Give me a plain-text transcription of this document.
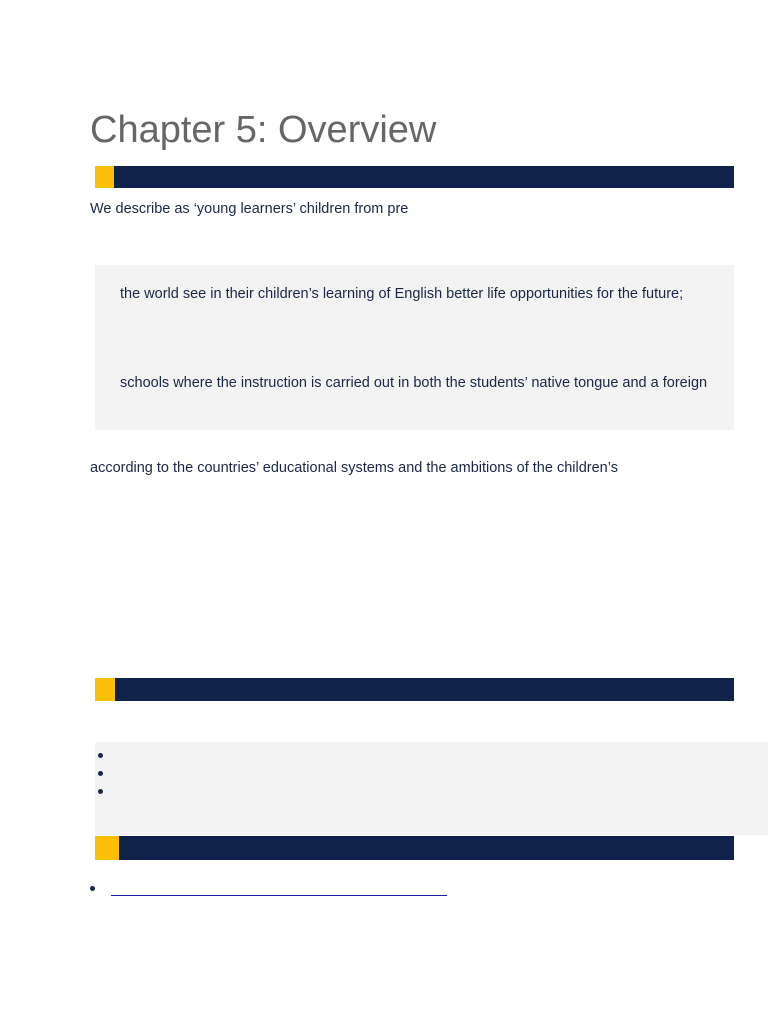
Chapter 5: Overview

We describe as ‘young learners’ children from pre

the world see in their children’s learning of English better life opportunities for the future;

schools where the instruction is carried out in both the students’ native tongue and a foreign

according to the countries’ educational systems and the ambitions of the children’s
